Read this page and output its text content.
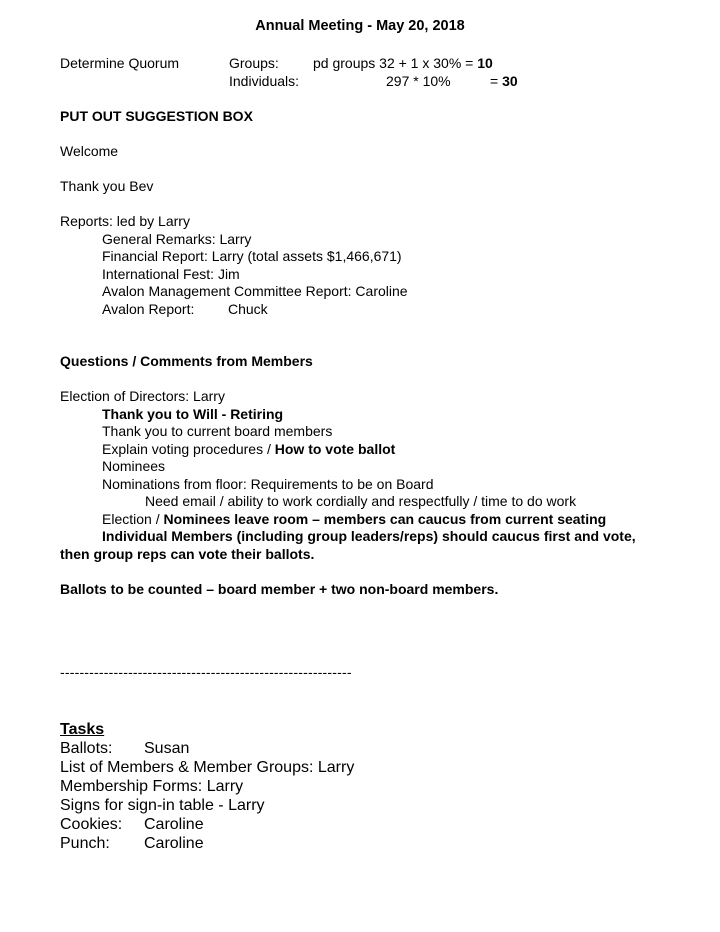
Annual Meeting - May 20, 2018
Determine Quorum	Groups: pd groups 32 + 1 x 30% = 10
Individuals:	297 * 10%	= 30
PUT OUT SUGGESTION BOX
Welcome
Thank you Bev
Reports: led by Larry
General Remarks: Larry
Financial Report: Larry (total assets $1,466,671)
International Fest: Jim
Avalon Management Committee Report: Caroline
Avalon Report: Chuck
Questions / Comments from Members
Election of Directors: Larry
Thank you to Will - Retiring
Thank you to current board members
Explain voting procedures / How to vote ballot
Nominees
Nominations from floor: Requirements to be on Board
Need email / ability to work cordially and respectfully / time to do work
Election / Nominees leave room – members can caucus from current seating
Individual Members (including group leaders/reps) should caucus first and vote,
then group reps can vote their ballots.
Ballots to be counted – board member + two non-board members.
------------------------------------------------------------
Tasks
Ballots: Susan
List of Members & Member Groups: Larry
Membership Forms: Larry
Signs for sign-in table - Larry
Cookies: Caroline
Punch: Caroline
